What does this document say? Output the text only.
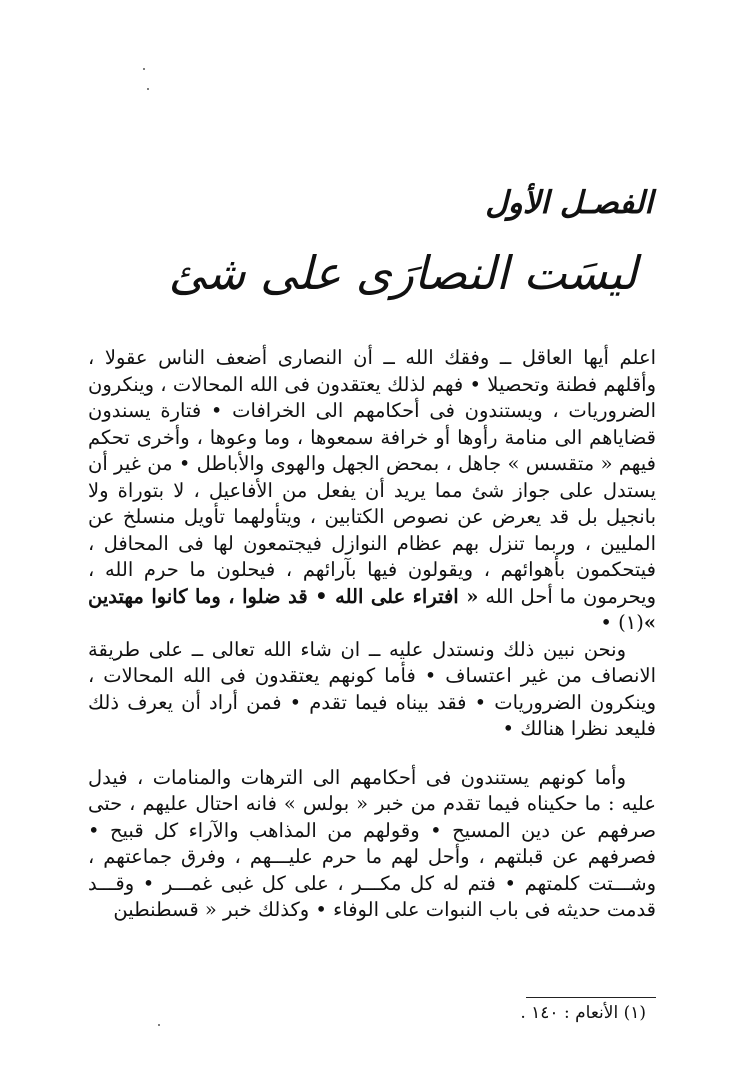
الفصـل الأول
ليسَت النصارَى على شئ

اعلم أيها العاقل ــ وفقك الله ــ أن النصارى أضعف الناس عقولا ، وأقلهم فطنة وتحصيلا • فهم لذلك يعتقدون فى الله المحالات ، وينكرون الضروريات ، ويستندون فى أحكامهم الى الخرافات • فتارة يسندون قضاياهم الى منامة رأوها أو خرافة سمعوها ، وما وعوها ، وأخرى تحكم فيهم « متقسس » جاهل ، بمحض الجهل والهوى والأباطل • من غير أن يستدل على جواز شئ مما يريد أن يفعل من الأفاعيل ، لا بتوراة ولا بانجيل بل قد يعرض عن نصوص الكتابين ، ويتأولهما تأويل منسلخ عن المليين ، وربما تنزل بهم عظام النوازل فيجتمعون لها فى المحافل ، فيتحكمون بأهوائهم ، ويقولون فيها بآرائهم ، فيحلون ما حرم الله ، ويحرمون ما أحل الله « افتراء على الله • قد ضلوا ، وما كانوا مهتدين »(١) •

ونحن نبين ذلك ونستدل عليه ــ ان شاء الله تعالى ــ على طريقة الانصاف من غير اعتساف • فأما كونهم يعتقدون فى الله المحالات ، وينكرون الضروريات • فقد بيناه فيما تقدم • فمن أراد أن يعرف ذلك فليعد نظرا هنالك •

وأما كونهم يستندون فى أحكامهم الى الترهات والمنامات ، فيدل عليه : ما حكيناه فيما تقدم من خبر « بولس » فانه احتال عليهم ، حتى صرفهم عن دين المسيح • وقولهم من المذاهب والآراء كل قبيح • فصرفهم عن قبلتهم ، وأحل لهم ما حرم عليـــهم ، وفرق جماعتهم ، وشـــتت كلمتهم • فتم له كل مكـــر ، على كل غبى غمـــر • وقـــد قدمت حديثه فى باب النبوات على الوفاء • وكذلك خبر « قسطنطين

(١) الأنعام : ١٤٠ .
